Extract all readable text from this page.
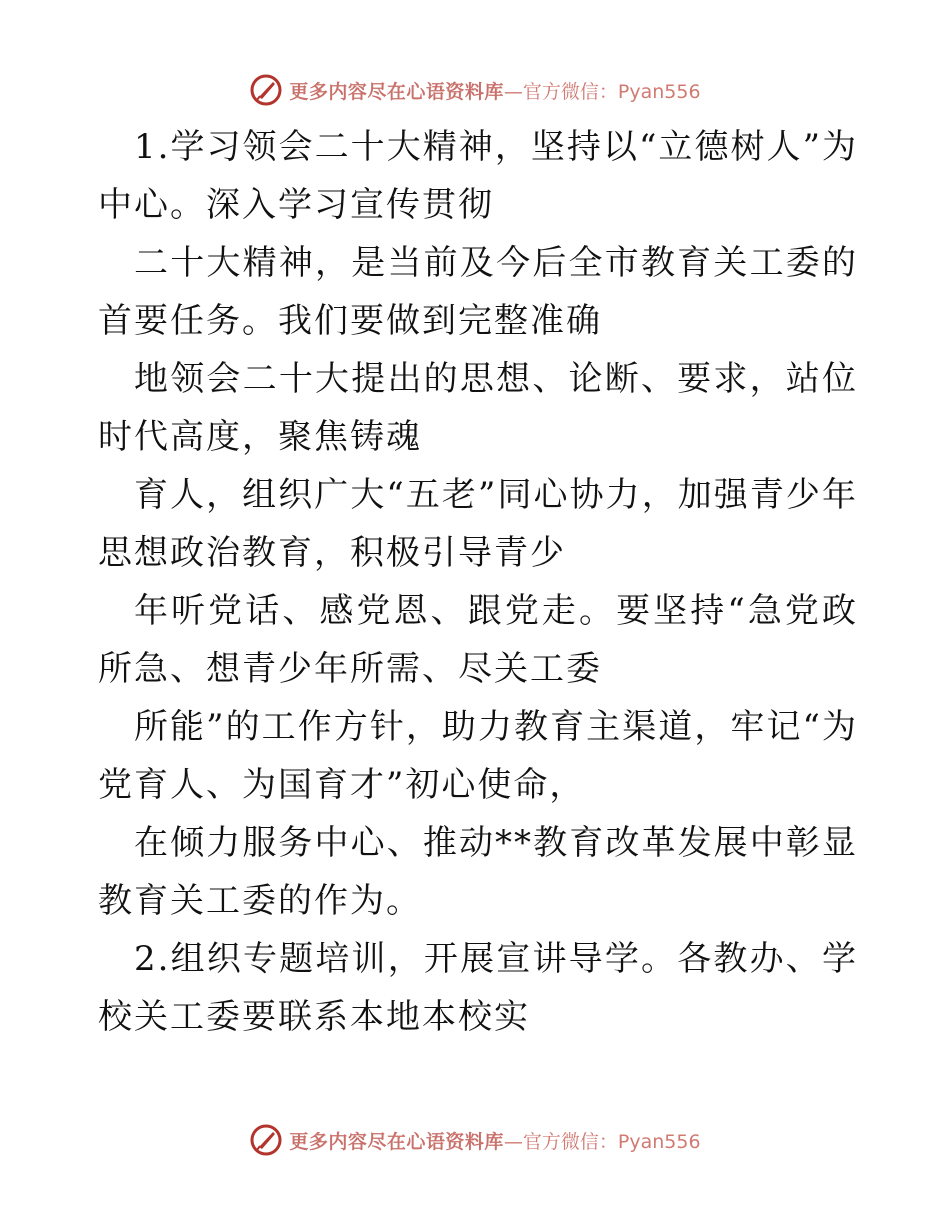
更多内容尽在心语资料库 —官方微信：Pyan556

1.学习领会二十大精神，坚持以“立德树人”为中心。深入学习宣传贯彻

二十大精神，是当前及今后全市教育关工委的首要任务。我们要做到完整准确

地领会二十大提出的思想、论断、要求，站位时代高度，聚焦铸魂

育人，组织广大“五老”同心协力，加强青少年思想政治教育，积极引导青少

年听党话、感党恩、跟党走。要坚持“急党政所急、想青少年所需、尽关工委

所能”的工作方针，助力教育主渠道，牢记“为党育人、为国育才”初心使命，

在倾力服务中心、推动**教育改革发展中彰显教育关工委的作为。

2.组织专题培训，开展宣讲导学。各教办、学校关工委要联系本地本校实

更多内容尽在心语资料库 —官方微信：Pyan556
